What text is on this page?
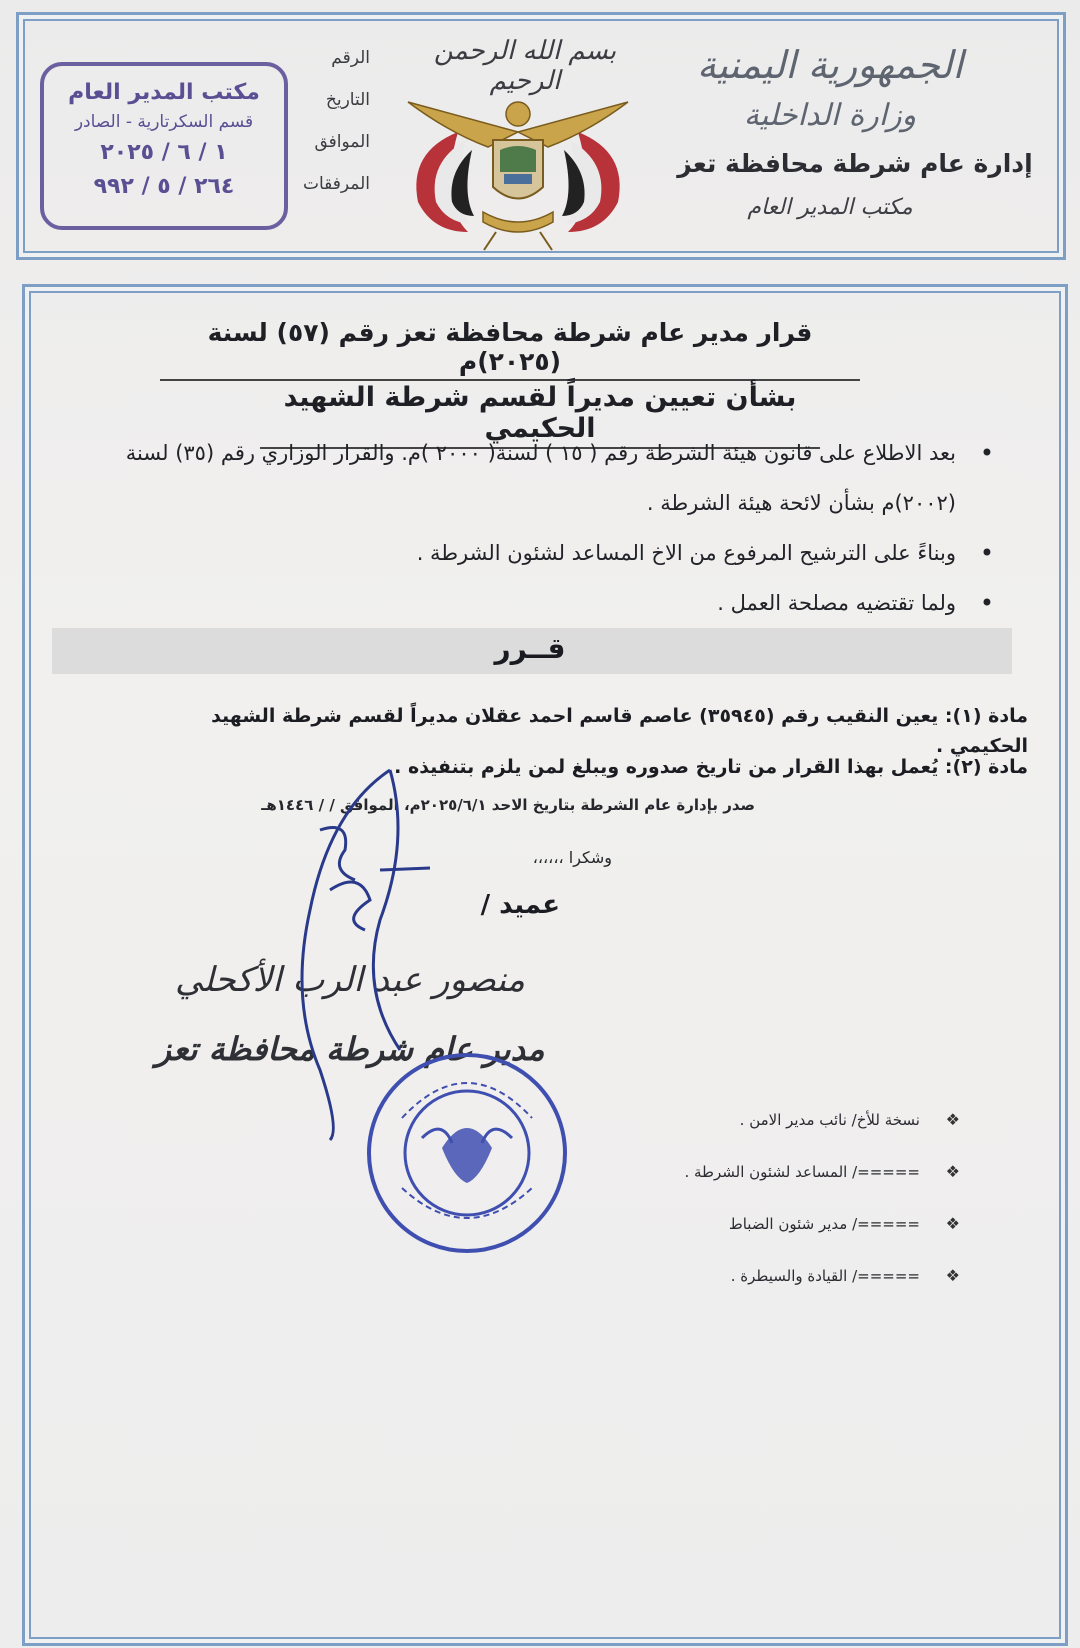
الجمهورية اليمنية
وزارة الداخلية
إدارة عام شرطة محافظة تعز
مكتب المدير العام
بسم الله الرحمن الرحيم
الرقم
التاريخ
الموافق
المرفقات
مكتب المدير العام
قسم السكرتارية - الصادر
١ / ٦ / ٢٠٢٥
٢٦٤ / ٥ / ٩٩٢
قرار مدير عام شرطة محافظة تعز رقم (٥٧) لسنة (٢٠٢٥)م
بشأن تعيين مديراً لقسم شرطة الشهيد الحكيمي
• بعد الاطلاع على قانون هيئة الشرطة رقم ( ١٥ ) لسنة( ٢٠٠٠ )م. والقرار الوزاري رقم (٣٥) لسنة (٢٠٠٢)م بشأن لائحة هيئة الشرطة .
• وبناءً على الترشيح المرفوع من الاخ المساعد لشئون الشرطة .
• ولما تقتضيه مصلحة العمل .
قــرر
مادة (١): يعين النقيب رقم (٣٥٩٤٥) عاصم قاسم احمد عقلان مديراً لقسم شرطة الشهيد الحكيمي .
مادة (٢): يُعمل بهذا القرار من تاريخ صدوره ويبلغ لمن يلزم بتنفيذه .
صدر بإدارة عام الشرطة بتاريخ الاحد ٢٠٢٥/٦/١م، الموافق / / ١٤٤٦هـ
وشكرا ،،،،،،
عميد /
منصور عبد الرب الأكحلي
مدير عام شرطة محافظة تعز
❖ نسخة للأخ/ نائب مدير الامن .
❖ =====/ المساعد لشئون الشرطة .
❖ =====/ مدير شئون الضباط
❖ =====/ القيادة والسيطرة .
